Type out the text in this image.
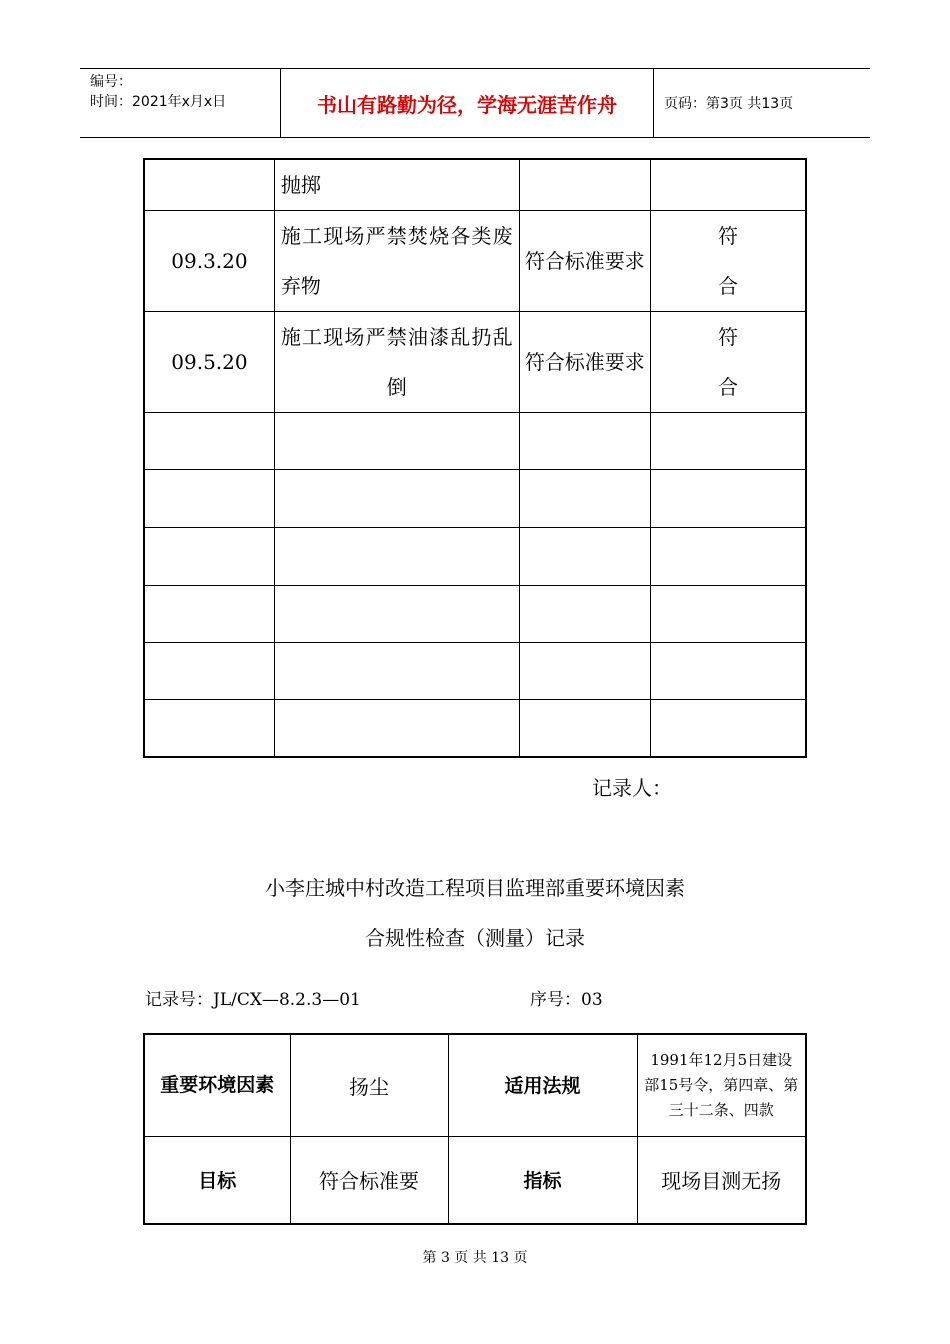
编号：
时间：2021年x月x日	书山有路勤为径，学海无涯苦作舟	页码：第3页 共13页
	抛掷		
09.3.20	施工现场严禁焚烧各类废弃物	符合标准要求	符合
09.5.20	施工现场严禁油漆乱扔乱倒	符合标准要求	符合

记录人：
小李庄城中村改造工程项目监理部重要环境因素
合规性检查（测量）记录
记录号：JL/CX—8.2.3—01	序号：03
重要环境因素	扬尘	适用法规	1991年12月5日建设部15号令，第四章、第三十二条、四款
目标	符合标准要	指标	现场目测无扬
第 3 页 共 13 页
